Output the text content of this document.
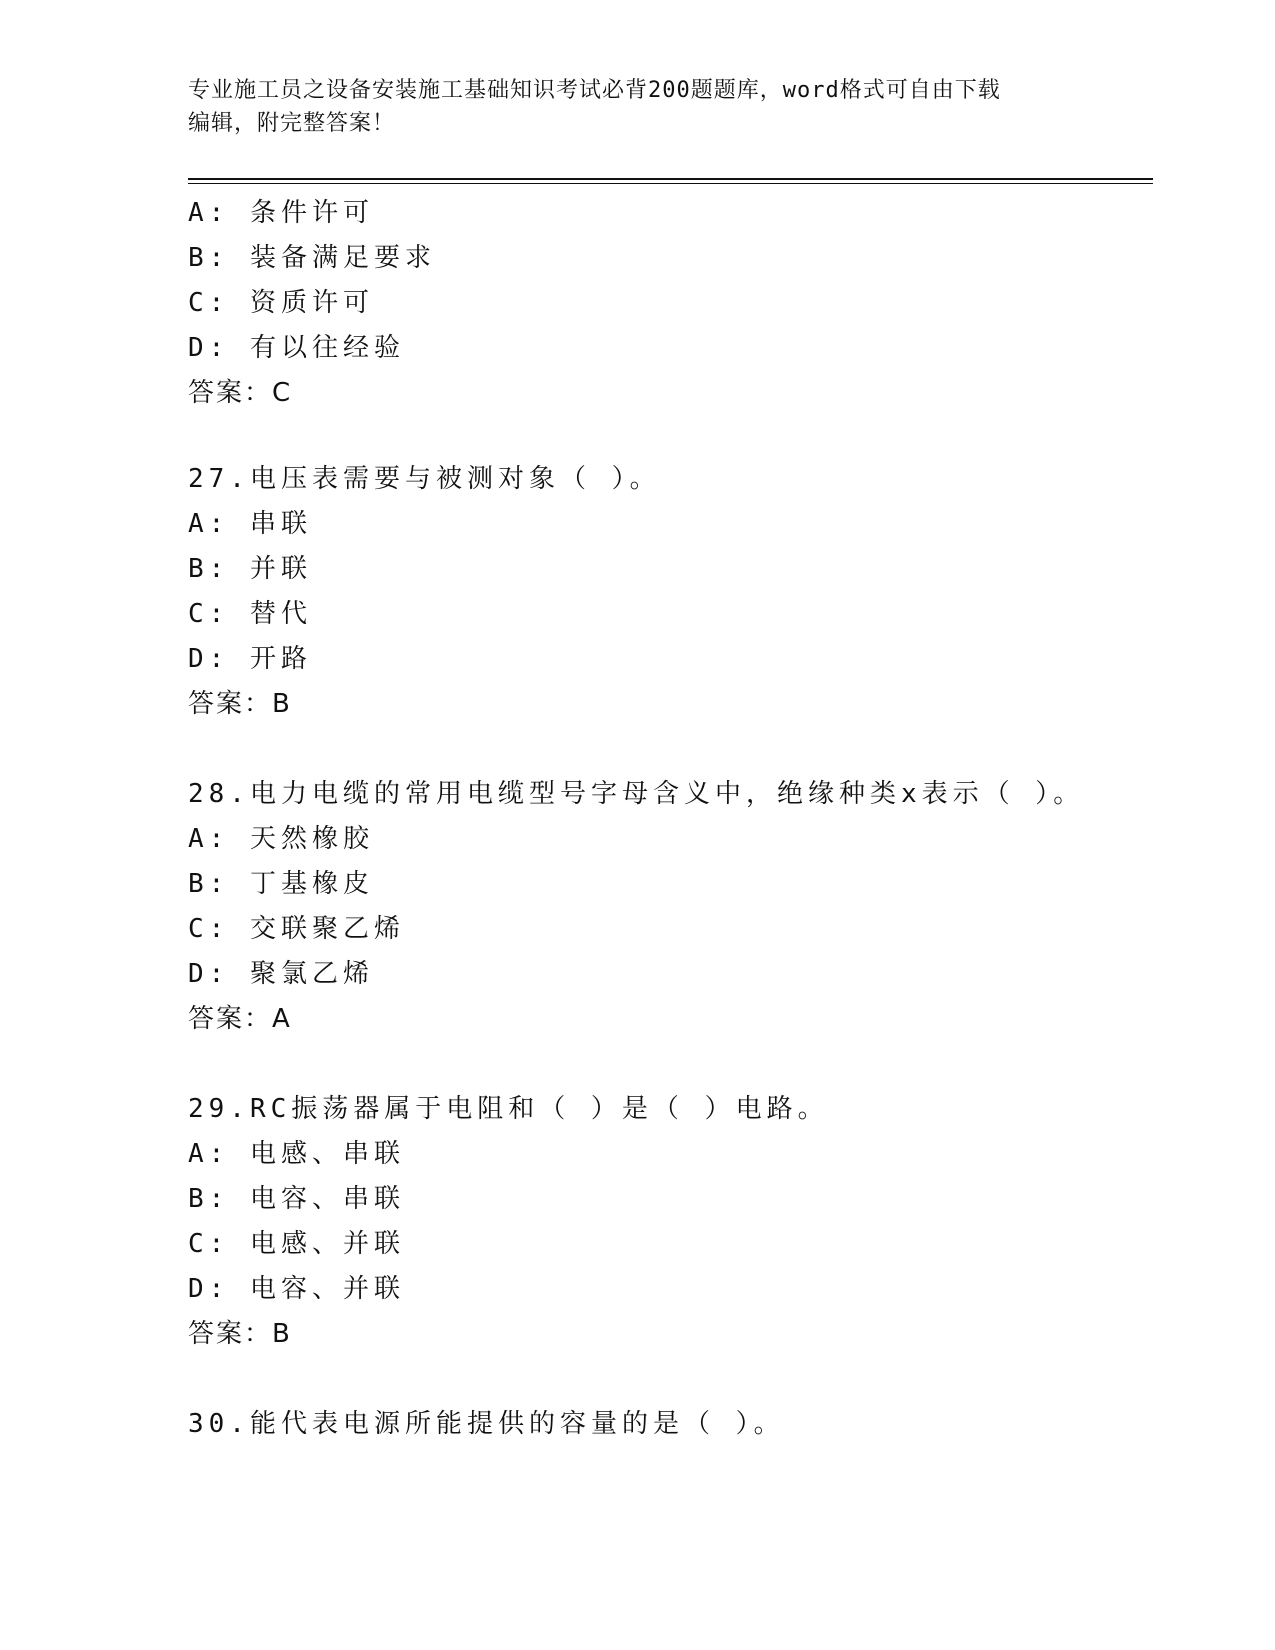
专业施工员之设备安装施工基础知识考试必背200题题库，word格式可自由下载
编辑，附完整答案！
A: 条件许可
B: 装备满足要求
C: 资质许可
D: 有以往经验
答案：C
27.电压表需要与被测对象（ ）。
A: 串联
B: 并联
C: 替代
D: 开路
答案：B
28.电力电缆的常用电缆型号字母含义中，绝缘种类x表示（ ）。
A: 天然橡胶
B: 丁基橡皮
C: 交联聚乙烯
D: 聚氯乙烯
答案：A
29.RC振荡器属于电阻和（ ）是（ ）电路。
A: 电感、串联
B: 电容、串联
C: 电感、并联
D: 电容、并联
答案：B
30.能代表电源所能提供的容量的是（ ）。
